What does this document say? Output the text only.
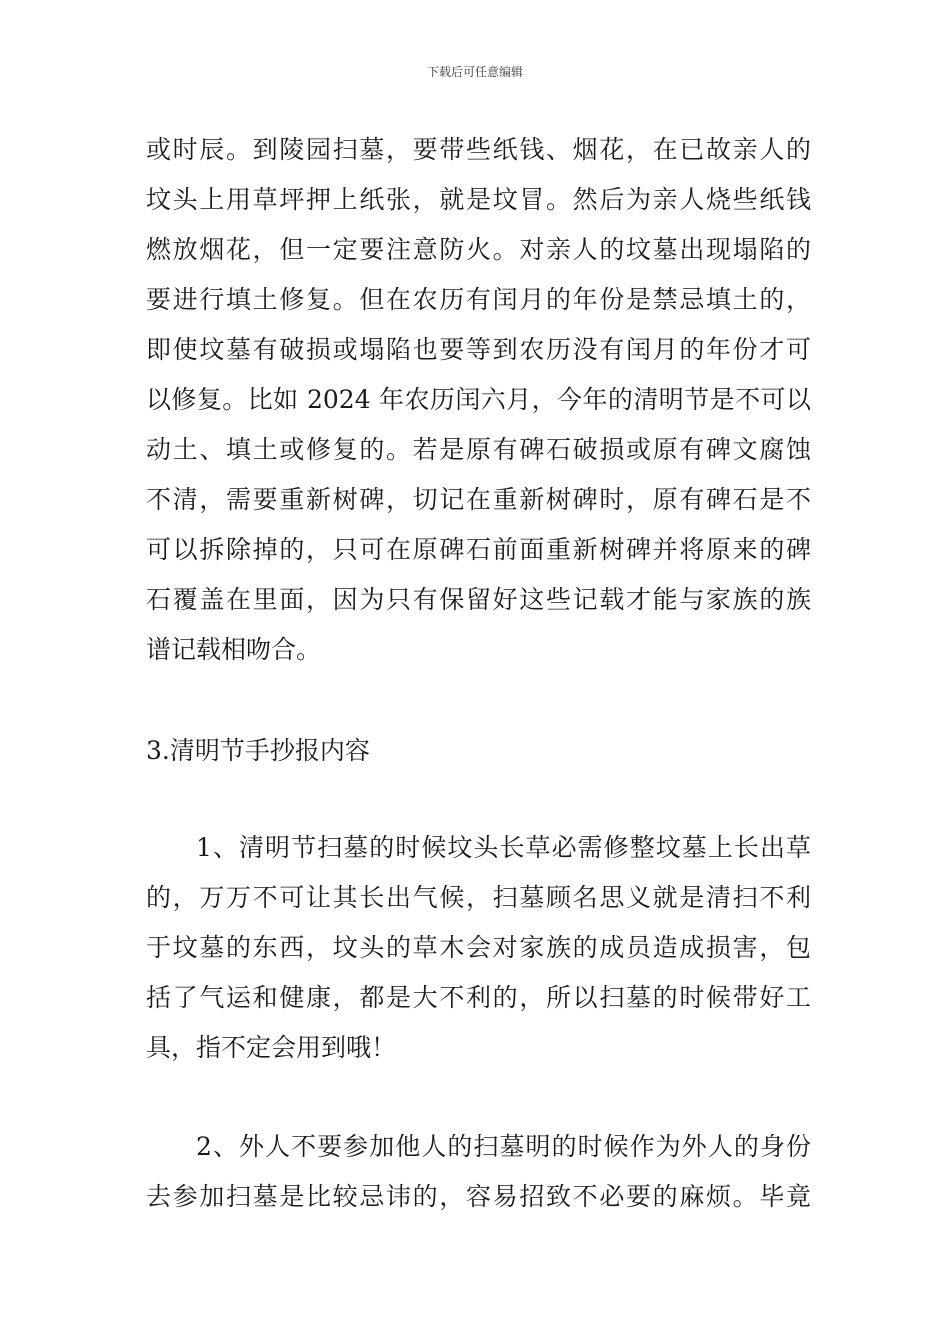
下载后可任意编辑
或时辰。到陵园扫墓，要带些纸钱、烟花，在已故亲人的
坟头上用草坪押上纸张，就是坟冒。然后为亲人烧些纸钱
燃放烟花，但一定要注意防火。对亲人的坟墓出现塌陷的
要进行填土修复。但在农历有闰月的年份是禁忌填土的，
即使坟墓有破损或塌陷也要等到农历没有闰月的年份才可
以修复。比如 2024 年农历闰六月，今年的清明节是不可以
动土、填土或修复的。若是原有碑石破损或原有碑文腐蚀
不清，需要重新树碑，切记在重新树碑时，原有碑石是不
可以拆除掉的，只可在原碑石前面重新树碑并将原来的碑
石覆盖在里面，因为只有保留好这些记载才能与家族的族
谱记载相吻合。
3.清明节手抄报内容
1、清明节扫墓的时候坟头长草必需修整坟墓上长出草
的，万万不可让其长出气候，扫墓顾名思义就是清扫不利
于坟墓的东西，坟头的草木会对家族的成员造成损害，包
括了气运和健康，都是大不利的，所以扫墓的时候带好工
具，指不定会用到哦！
2、外人不要参加他人的扫墓明的时候作为外人的身份
去参加扫墓是比较忌讳的，容易招致不必要的麻烦。毕竟
